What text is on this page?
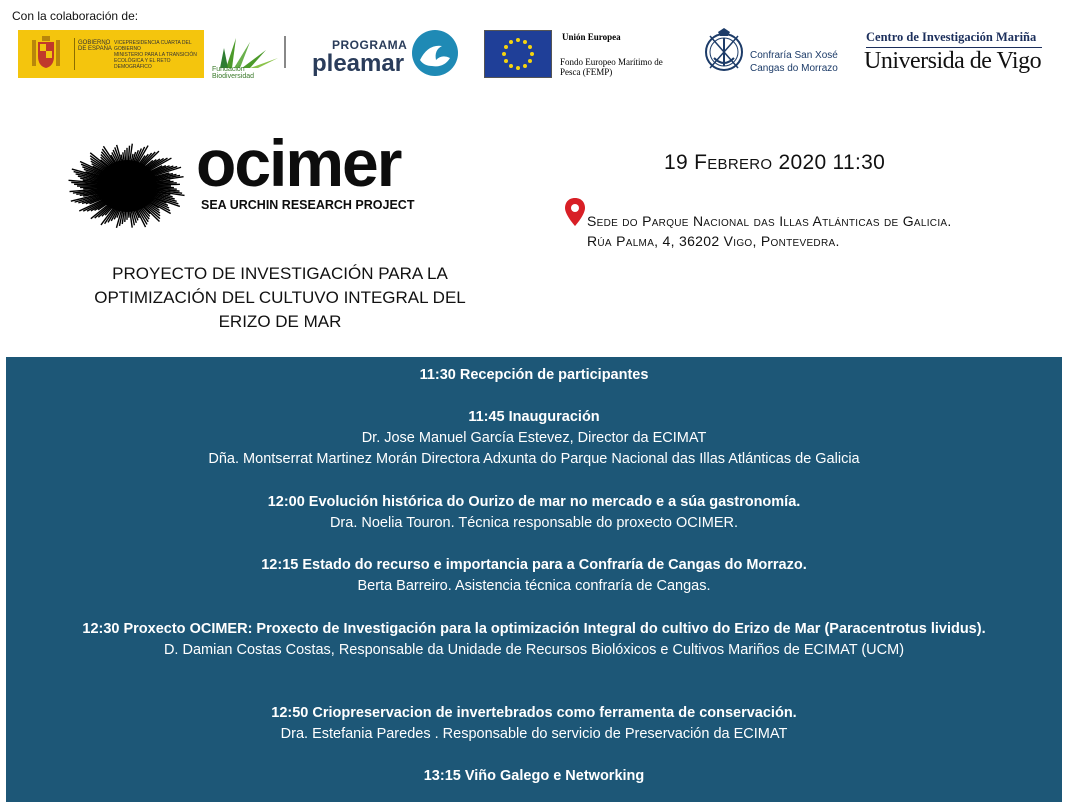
Con la colaboración de:
GOBIERNO DE ESPAÑA
VICEPRESIDENCIA CUARTA DEL GOBIERNO
MINISTERIO PARA LA TRANSICIÓN ECOLÓGICA Y EL RETO DEMOGRÁFICO	Fundación Biodiversidad
PROGRAMA
pleamar
Unión Europea
Fondo Europeo Marítimo de Pesca (FEMP)
Confraría San Xosé
Cangas do Morrazo
Centro de Investigación Mariña
Universida de Vigo
ocimer
SEA URCHIN RESEARCH PROJECT
PROYECTO DE INVESTIGACIÓN PARA LA OPTIMIZACIÓN DEL CULTUVO INTEGRAL DEL ERIZO DE MAR
19 Febrero 2020 11:30
Sede do Parque Nacional das Illas Atlánticas de Galicia.
Rúa Palma, 4, 36202 Vigo, Pontevedra.
11:30 Recepción de participantes
11:45 Inauguración
Dr. Jose Manuel García Estevez, Director da ECIMAT
Dña. Montserrat Martinez Morán Directora Adxunta do Parque Nacional das Illas Atlánticas de Galicia
12:00 Evolución histórica do Ourizo de mar no mercado e a súa gastronomía.
Dra. Noelia Touron. Técnica responsable do proxecto OCIMER.
12:15 Estado do recurso e importancia para a Confraría de Cangas do Morrazo.
Berta Barreiro. Asistencia técnica confraría de Cangas.
12:30 Proxecto OCIMER: Proxecto de Investigación para la optimización Integral do cultivo do Erizo de Mar (Paracentrotus lividus).
D. Damian Costas Costas, Responsable da Unidade de Recursos Biolóxicos e Cultivos Mariños de ECIMAT (UCM)
12:50 Criopreservacion de invertebrados como ferramenta de conservación.
Dra. Estefania Paredes . Responsable do servicio de Preservación da ECIMAT
13:15 Viño Galego e Networking
